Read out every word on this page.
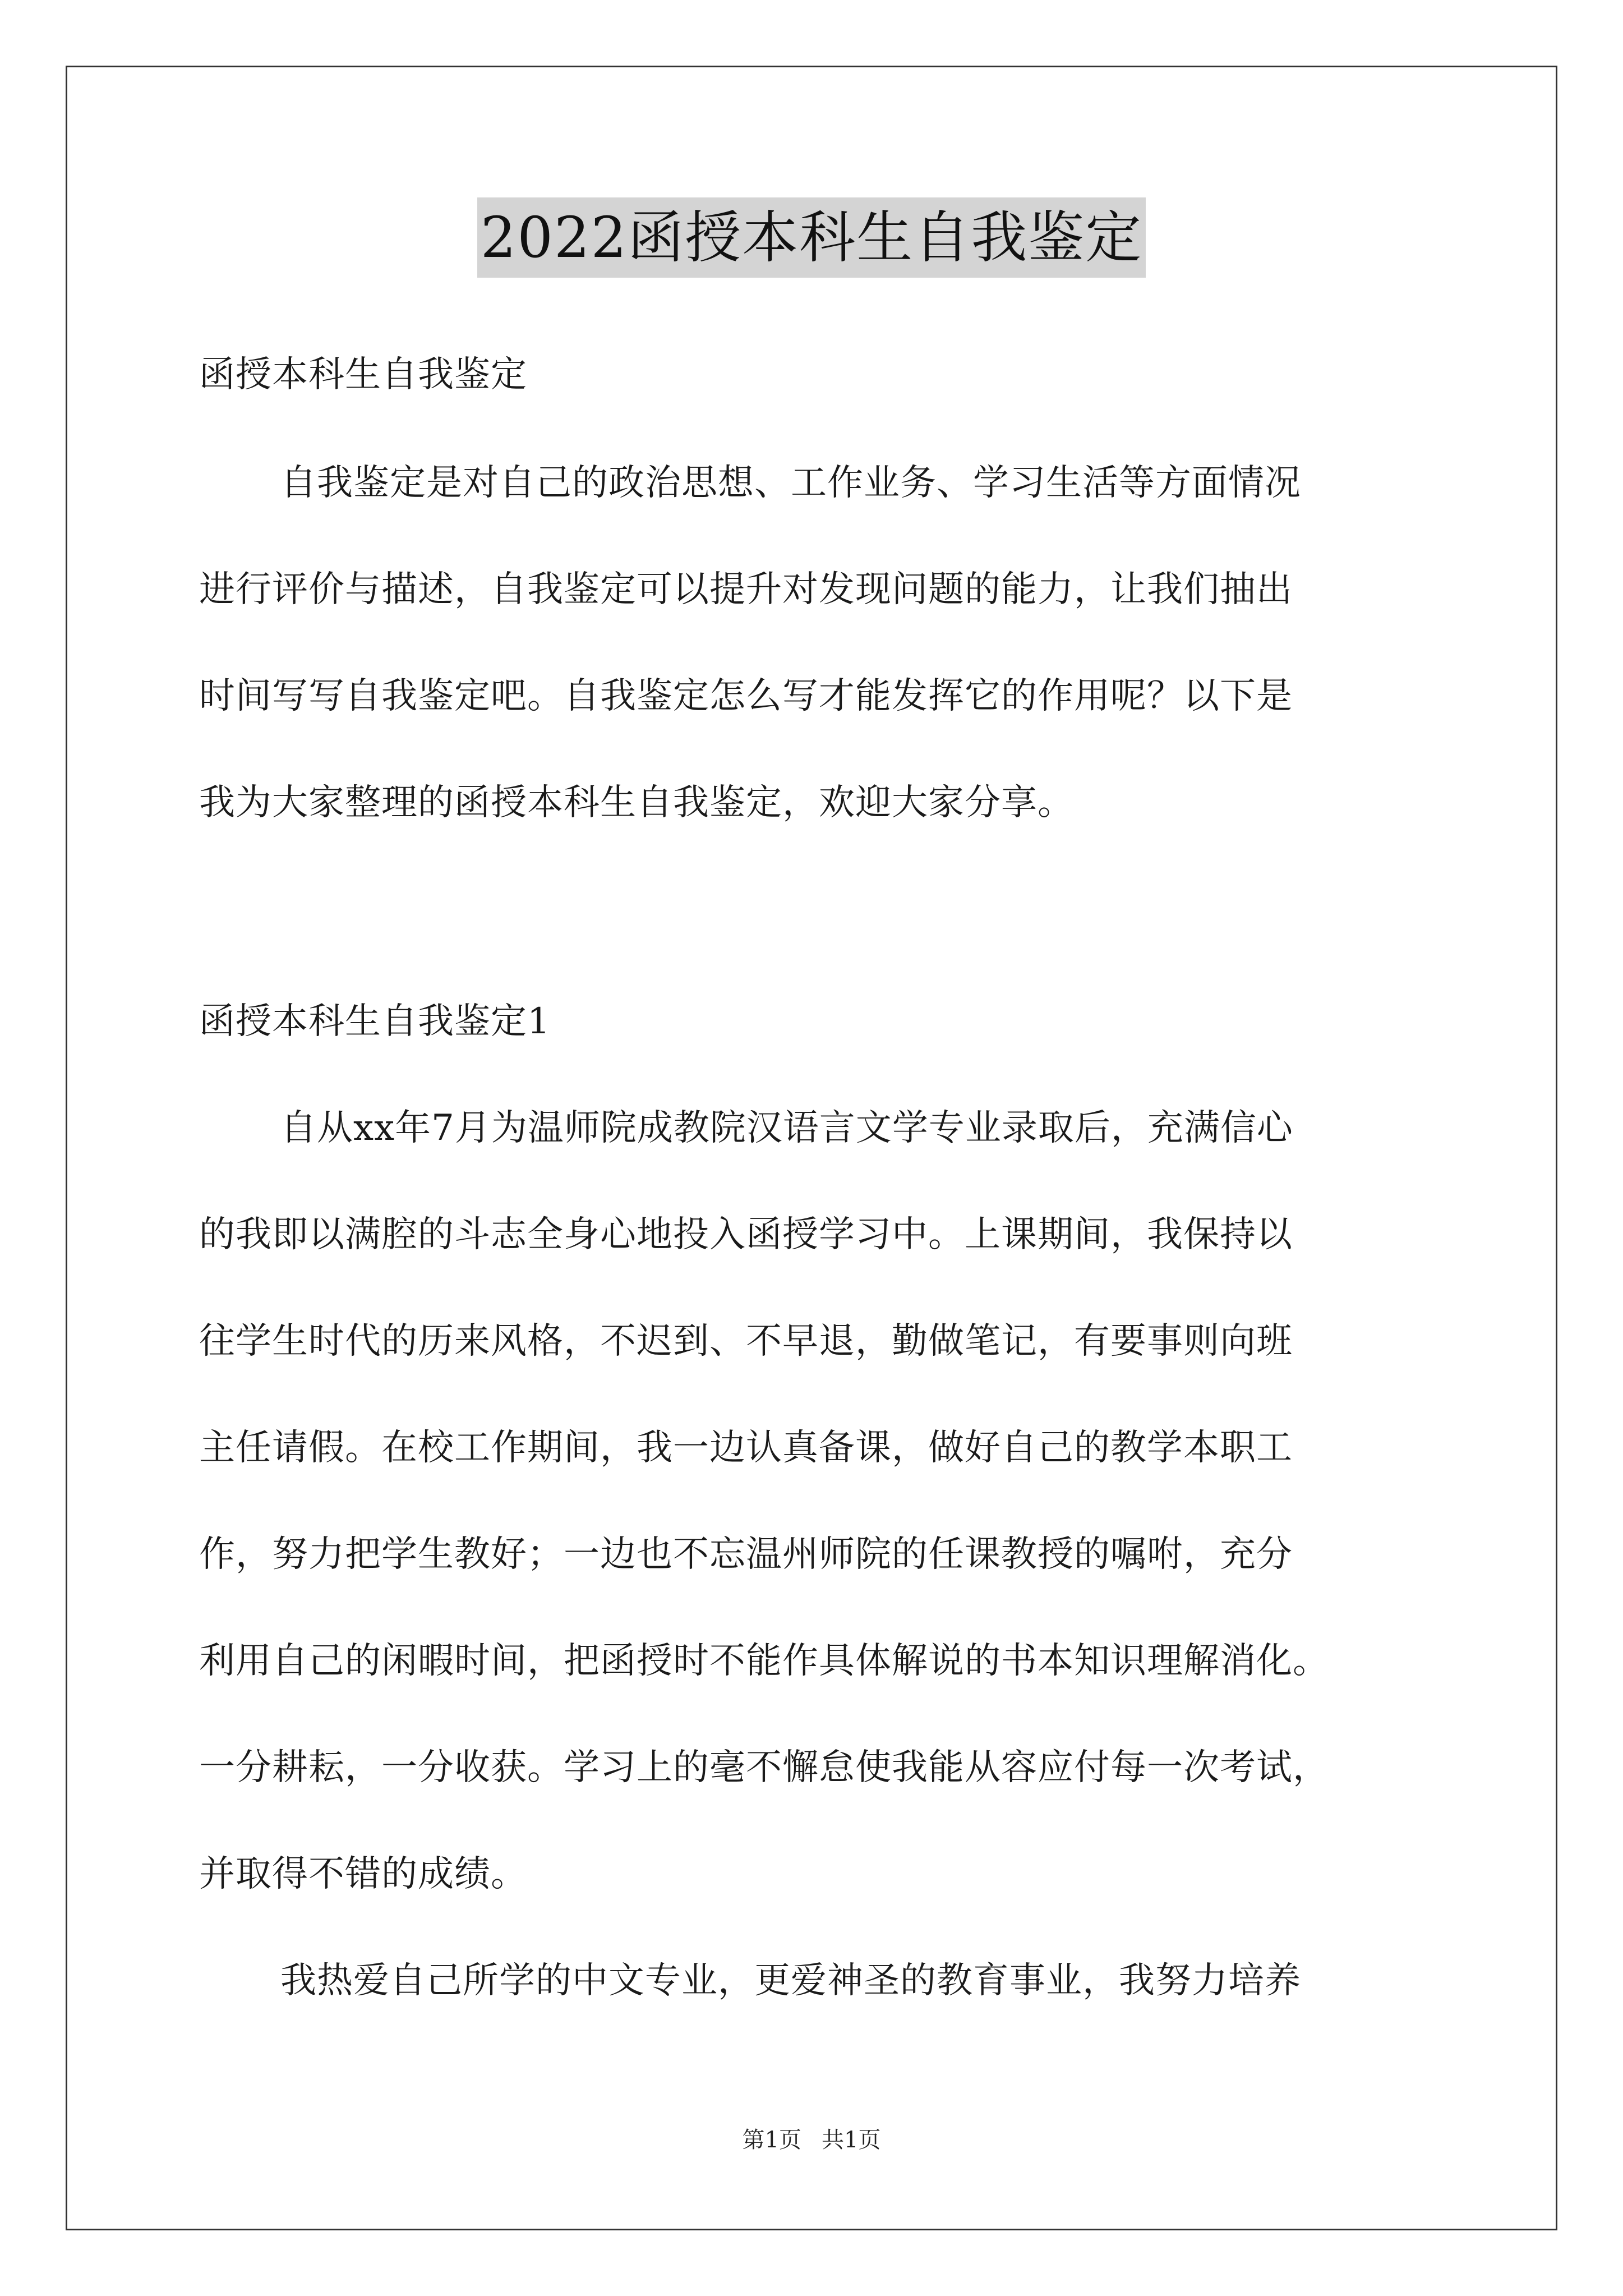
2022函授本科生自我鉴定
函授本科生自我鉴定
自我鉴定是对自己的政治思想、工作业务、学习生活等方面情况
进行评价与描述，自我鉴定可以提升对发现问题的能力，让我们抽出
时间写写自我鉴定吧。自我鉴定怎么写才能发挥它的作用呢？以下是
我为大家整理的函授本科生自我鉴定，欢迎大家分享。
函授本科生自我鉴定1
自从xx年7月为温师院成教院汉语言文学专业录取后，充满信心
的我即以满腔的斗志全身心地投入函授学习中。上课期间，我保持以
往学生时代的历来风格，不迟到、不早退，勤做笔记，有要事则向班
主任请假。在校工作期间，我一边认真备课，做好自己的教学本职工
作，努力把学生教好；一边也不忘温州师院的任课教授的嘱咐，充分
利用自己的闲暇时间，把函授时不能作具体解说的书本知识理解消化。
一分耕耘，一分收获。学习上的毫不懈怠使我能从容应付每一次考试，
并取得不错的成绩。
我热爱自己所学的中文专业，更爱神圣的教育事业，我努力培养
第1页 共1页
